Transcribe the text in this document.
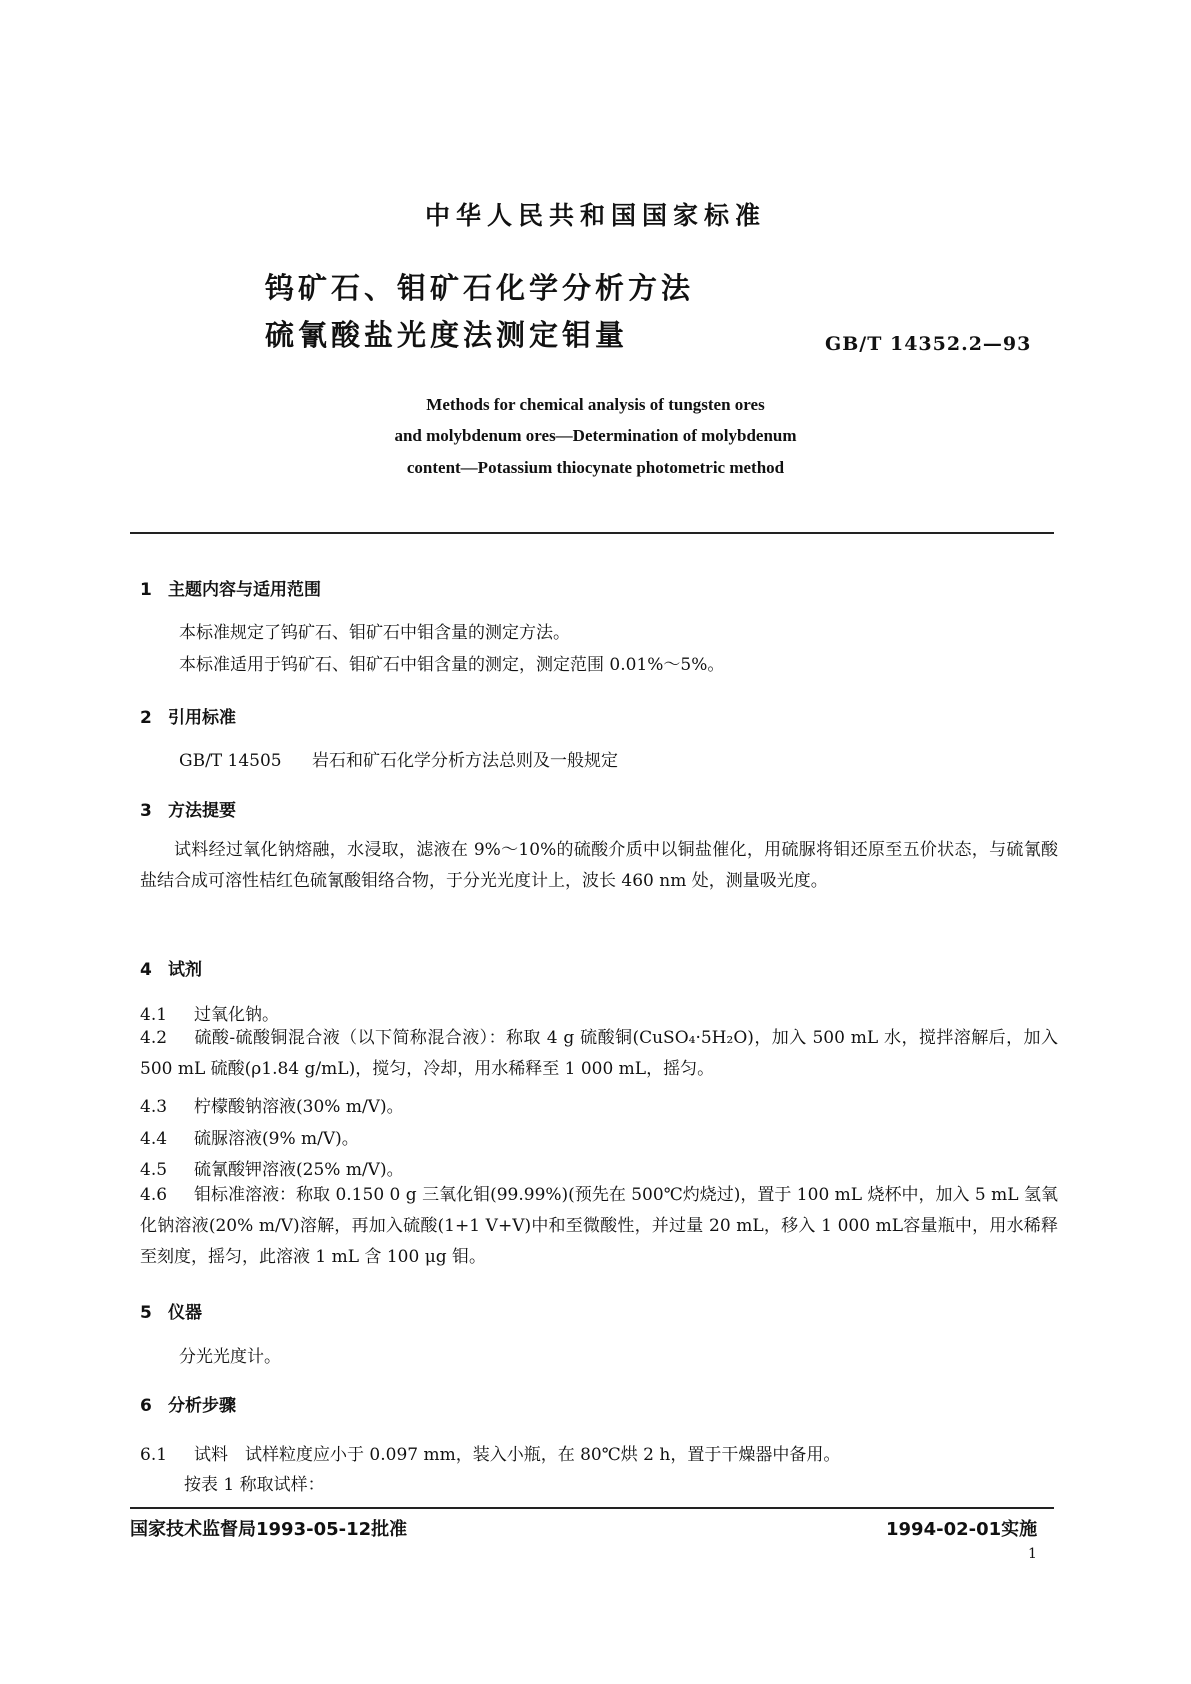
中华人民共和国国家标准
钨矿石、钼矿石化学分析方法
硫氰酸盐光度法测定钼量	GB/T 14352.2—93
Methods for chemical analysis of tungsten ores
and molybdenum ores—Determination of molybdenum
content—Potassium thiocynate photometric method
1 主题内容与适用范围
本标准规定了钨矿石、钼矿石中钼含量的测定方法。
本标准适用于钨矿石、钼矿石中钼含量的测定，测定范围 0.01%～5%。
2 引用标准
GB/T 14505 岩石和矿石化学分析方法总则及一般规定
3 方法提要
试料经过氧化钠熔融，水浸取，滤液在 9%～10%的硫酸介质中以铜盐催化，用硫脲将钼还原至五价状态，与硫氰酸盐结合成可溶性桔红色硫氰酸钼络合物，于分光光度计上，波长 460 nm 处，测量吸光度。
4 试剂
4.1 过氧化钠。
4.2 硫酸-硫酸铜混合液（以下简称混合液）：称取 4 g 硫酸铜(CuSO₄·5H₂O)，加入 500 mL 水，搅拌溶解后，加入 500 mL 硫酸(ρ1.84 g/mL)，搅匀，冷却，用水稀释至 1 000 mL，摇匀。
4.3 柠檬酸钠溶液(30% m/V)。
4.4 硫脲溶液(9% m/V)。
4.5 硫氰酸钾溶液(25% m/V)。
4.6 钼标准溶液：称取 0.150 0 g 三氧化钼(99.99%)(预先在 500℃灼烧过)，置于 100 mL 烧杯中，加入 5 mL 氢氧化钠溶液(20% m/V)溶解，再加入硫酸(1+1 V+V)中和至微酸性，并过量 20 mL，移入 1 000 mL容量瓶中，用水稀释至刻度，摇匀，此溶液 1 mL 含 100 μg 钼。
5 仪器
分光光度计。
6 分析步骤
6.1 试料　试样粒度应小于 0.097 mm，装入小瓶，在 80℃烘 2 h，置于干燥器中备用。
按表 1 称取试样：
国家技术监督局1993-05-12批准	1994-02-01实施
1
